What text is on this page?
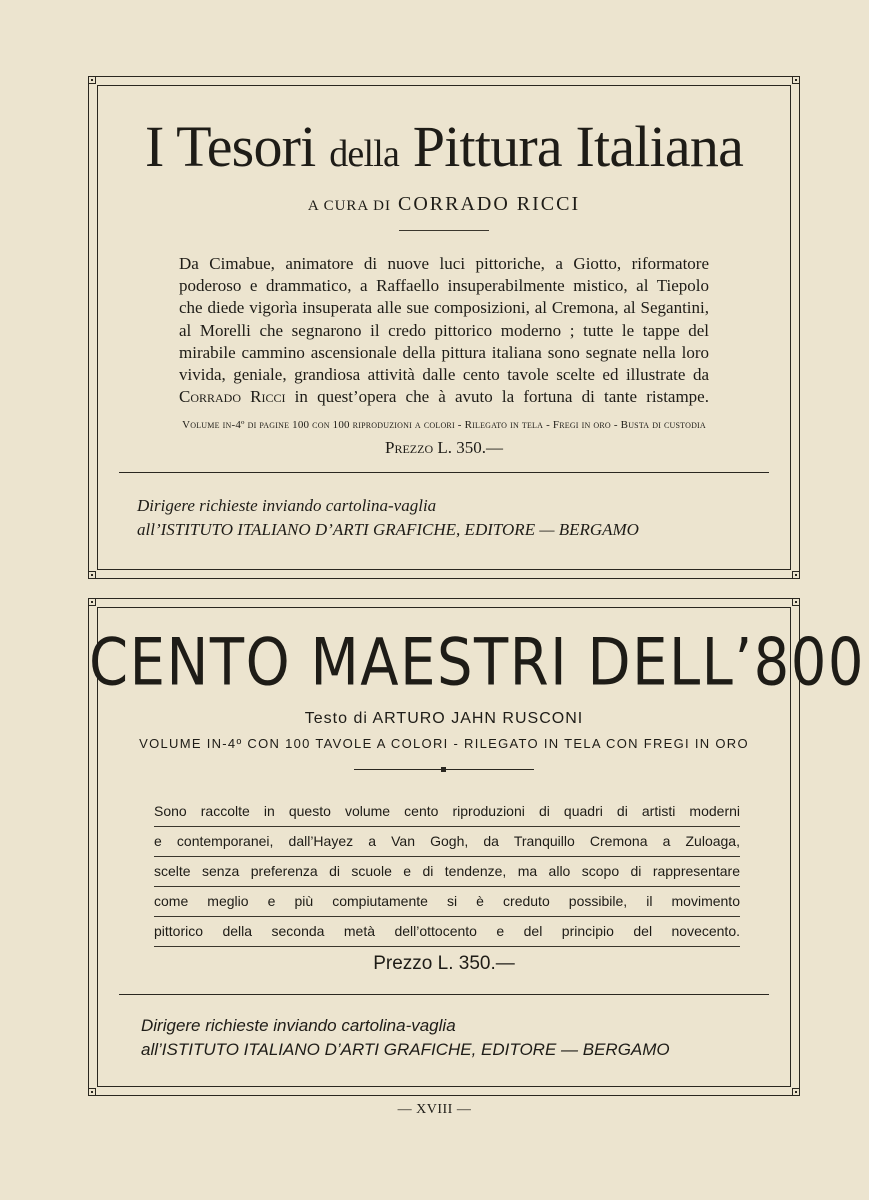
I Tesori della Pittura Italiana
A CURA DI CORRADO RICCI
Da Cimabue, animatore di nuove luci pittoriche, a Giotto, riformatore
poderoso e drammatico, a Raffaello insuperabilmente mistico, al Tiepolo
che diede vigorìa insuperata alle sue composizioni, al Cremona, al Segantini,
al Morelli che segnarono il credo pittorico moderno ; tutte le tappe del
mirabile cammino ascensionale della pittura italiana sono segnate nella loro
vivida, geniale, grandiosa attività dalle cento tavole scelte ed illustrate da
Corrado Ricci in quest’opera che à avuto la fortuna di tante ristampe.
Volume in-4º di pagine 100 con 100 riproduzioni a colori - Rilegato in tela - Fregi in oro - Busta di custodia
Prezzo L. 350.—
Dirigere richieste inviando cartolina-vaglia
all’ISTITUTO ITALIANO D’ARTI GRAFICHE, EDITORE — BERGAMO
CENTO MAESTRI DELL’800
Testo di ARTURO JAHN RUSCONI
VOLUME IN-4º CON 100 TAVOLE A COLORI - RILEGATO IN TELA CON FREGI IN ORO
Sono raccolte in questo volume cento riproduzioni di quadri di artisti moderni
e contemporanei, dall’Hayez a Van Gogh, da Tranquillo Cremona a Zuloaga,
scelte senza preferenza di scuole e di tendenze, ma allo scopo di rappresentare
come meglio e più compiutamente si è creduto possibile, il movimento
pittorico della seconda metà dell’ottocento e del principio del novecento.
Prezzo L. 350.—
Dirigere richieste inviando cartolina-vaglia
all’ISTITUTO ITALIANO D’ARTI GRAFICHE, EDITORE — BERGAMO
— XVIII —
